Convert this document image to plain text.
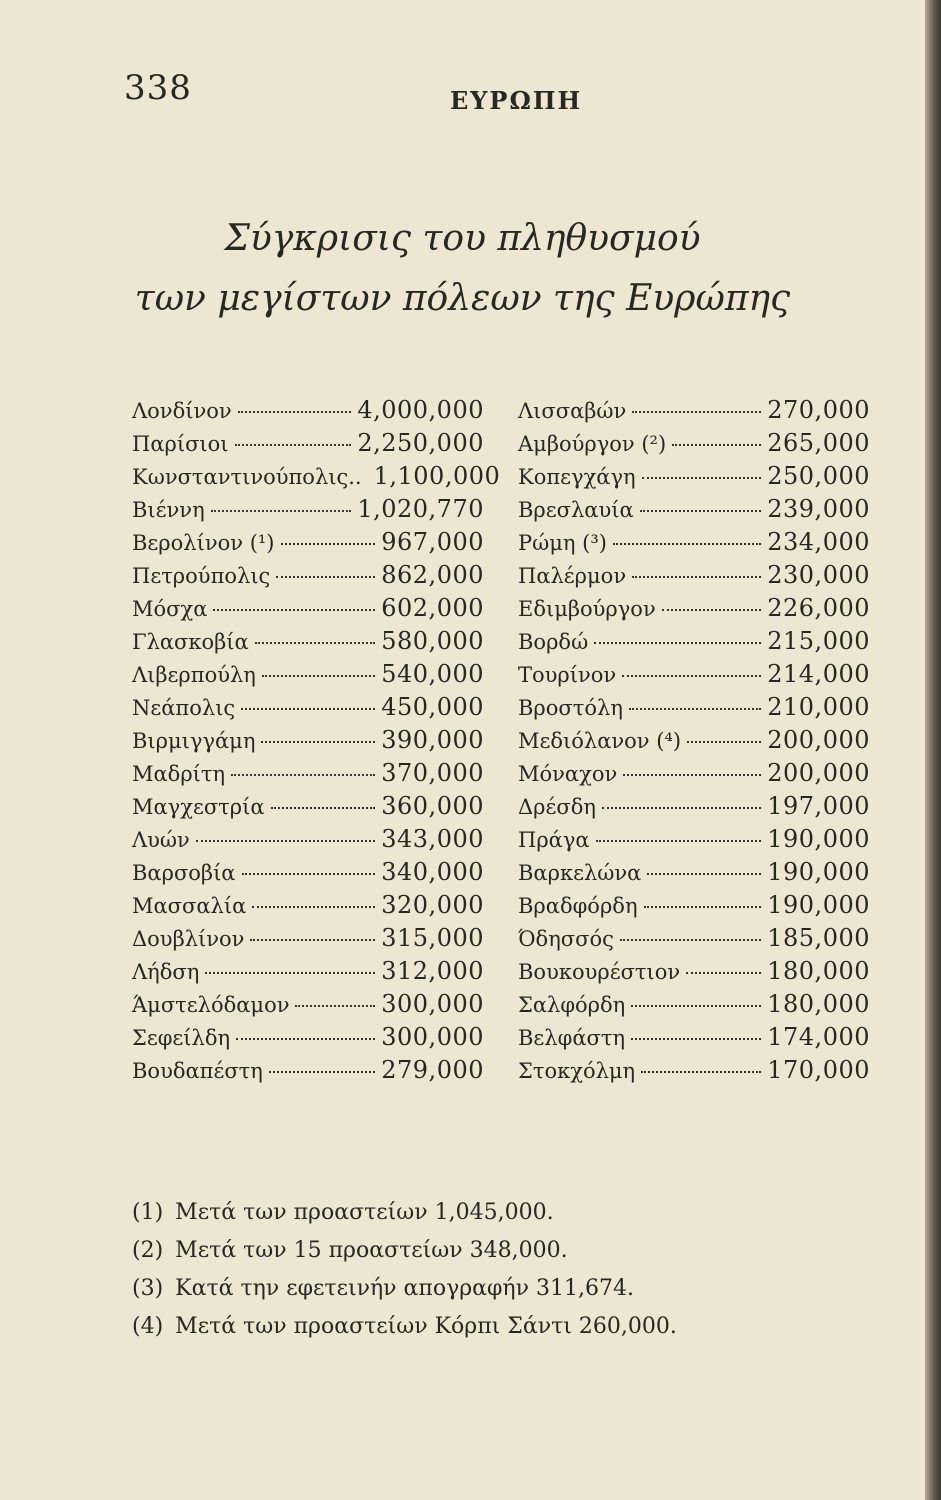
338	ΕΥΡΩΠΗ
Σύγκρισις του πληθυσμού
των μεγίστων πόλεων της Ευρώπης
Λονδίνον	4,000,000
Παρίσιοι	2,250,000
Κωνσταντινούπολις.. 1,100,000
Βιέννη	1,020,770
Βερολίνον (¹)	967,000
Πετρούπολις	862,000
Μόσχα	602,000
Γλασκοβία	580,000
Λιβερπούλη	540,000
Νεάπολις	450,000
Βιρμιγγάμη	390,000
Μαδρίτη	370,000
Μαγχεστρία	360,000
Λυών	343,000
Βαρσοβία	340,000
Μασσαλία	320,000
Δουβλίνον	315,000
Λήδση	312,000
Άμστελόδαμον	300,000
Σεφείλδη	300,000
Βουδαπέστη	279,000
Λισσαβών	270,000
Αμβούργον (²)	265,000
Κοπεγχάγη	250,000
Βρεσλαυία	239,000
Ρώμη (³)	234,000
Παλέρμον	230,000
Εδιμβούργον	226,000
Βορδώ	215,000
Τουρίνον	214,000
Βροστόλη	210,000
Μεδιόλανον (⁴)	200,000
Μόναχον	200,000
Δρέσδη	197,000
Πράγα	190,000
Βαρκελώνα	190,000
Βραδφόρδη	190,000
Όδησσός	185,000
Βουκουρέστιον	180,000
Σαλφόρδη	180,000
Βελφάστη	174,000
Στοκχόλμη	170,000
(1) Μετά των προαστείων 1,045,000.
(2) Μετά των 15 προαστείων 348,000.
(3) Κατά την εφετεινήν απογραφήν 311,674.
(4) Μετά των προαστείων Κόρπι Σάντι 260,000.
